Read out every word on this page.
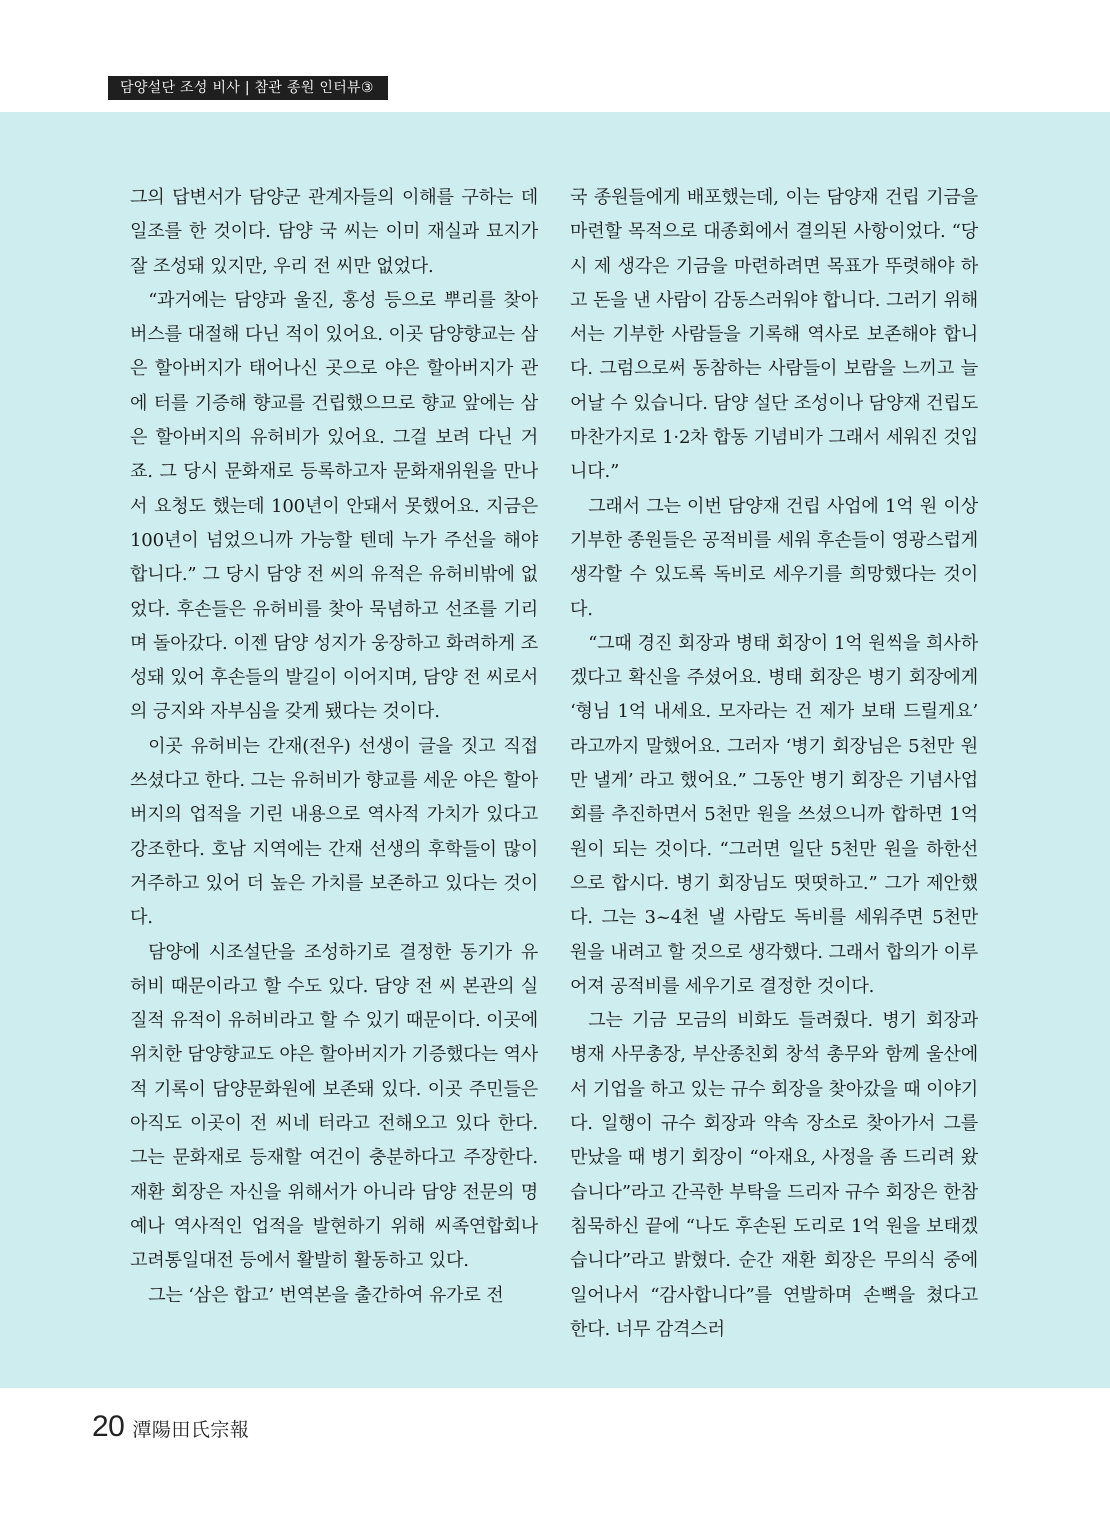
담양설단 조성 비사 | 참관 종원 인터뷰③

그의 답변서가 담양군 관계자들의 이해를 구하는 데 일조를 한 것이다. 담양 국 씨는 이미 재실과 묘지가 잘 조성돼 있지만, 우리 전 씨만 없었다.

“과거에는 담양과 울진, 홍성 등으로 뿌리를 찾아 버스를 대절해 다닌 적이 있어요. 이곳 담양향교는 삼은 할아버지가 태어나신 곳으로 야은 할아버지가 관에 터를 기증해 향교를 건립했으므로 향교 앞에는 삼은 할아버지의 유허비가 있어요. 그걸 보려 다닌 거죠. 그 당시 문화재로 등록하고자 문화재위원을 만나서 요청도 했는데 100년이 안돼서 못했어요. 지금은 100년이 넘었으니까 가능할 텐데 누가 주선을 해야 합니다.” 그 당시 담양 전 씨의 유적은 유허비밖에 없었다. 후손들은 유허비를 찾아 묵념하고 선조를 기리며 돌아갔다. 이젠 담양 성지가 웅장하고 화려하게 조성돼 있어 후손들의 발길이 이어지며, 담양 전 씨로서의 긍지와 자부심을 갖게 됐다는 것이다.

이곳 유허비는 간재(전우) 선생이 글을 짓고 직접 쓰셨다고 한다. 그는 유허비가 향교를 세운 야은 할아버지의 업적을 기린 내용으로 역사적 가치가 있다고 강조한다. 호남 지역에는 간재 선생의 후학들이 많이 거주하고 있어 더 높은 가치를 보존하고 있다는 것이다.

담양에 시조설단을 조성하기로 결정한 동기가 유허비 때문이라고 할 수도 있다. 담양 전 씨 본관의 실질적 유적이 유허비라고 할 수 있기 때문이다. 이곳에 위치한 담양향교도 야은 할아버지가 기증했다는 역사적 기록이 담양문화원에 보존돼 있다. 이곳 주민들은 아직도 이곳이 전 씨네 터라고 전해오고 있다 한다. 그는 문화재로 등재할 여건이 충분하다고 주장한다. 재환 회장은 자신을 위해서가 아니라 담양 전문의 명예나 역사적인 업적을 발현하기 위해 씨족연합회나 고려통일대전 등에서 활발히 활동하고 있다.

그는 ‘삼은 합고’ 번역본을 출간하여 유가로 전

국 종원들에게 배포했는데, 이는 담양재 건립 기금을 마련할 목적으로 대종회에서 결의된 사항이었다. “당시 제 생각은 기금을 마련하려면 목표가 뚜렷해야 하고 돈을 낸 사람이 감동스러워야 합니다. 그러기 위해서는 기부한 사람들을 기록해 역사로 보존해야 합니다. 그럼으로써 동참하는 사람들이 보람을 느끼고 늘어날 수 있습니다. 담양 설단 조성이나 담양재 건립도 마찬가지로 1·2차 합동 기념비가 그래서 세워진 것입니다.”

그래서 그는 이번 담양재 건립 사업에 1억 원 이상 기부한 종원들은 공적비를 세워 후손들이 영광스럽게 생각할 수 있도록 독비로 세우기를 희망했다는 것이다.

“그때 경진 회장과 병태 회장이 1억 원씩을 희사하겠다고 확신을 주셨어요. 병태 회장은 병기 회장에게 ‘형님 1억 내세요. 모자라는 건 제가 보태 드릴게요’ 라고까지 말했어요. 그러자 ‘병기 회장님은 5천만 원만 낼게’ 라고 했어요.” 그동안 병기 회장은 기념사업회를 추진하면서 5천만 원을 쓰셨으니까 합하면 1억 원이 되는 것이다. “그러면 일단 5천만 원을 하한선으로 합시다. 병기 회장님도 떳떳하고.” 그가 제안했다. 그는 3~4천 낼 사람도 독비를 세워주면 5천만 원을 내려고 할 것으로 생각했다. 그래서 합의가 이루어져 공적비를 세우기로 결정한 것이다.

그는 기금 모금의 비화도 들려줬다. 병기 회장과 병재 사무총장, 부산종친회 창석 총무와 함께 울산에서 기업을 하고 있는 규수 회장을 찾아갔을 때 이야기다. 일행이 규수 회장과 약속 장소로 찾아가서 그를 만났을 때 병기 회장이 “아재요, 사정을 좀 드리려 왔습니다”라고 간곡한 부탁을 드리자 규수 회장은 한참 침묵하신 끝에 “나도 후손된 도리로 1억 원을 보태겠습니다”라고 밝혔다. 순간 재환 회장은 무의식 중에 일어나서 “감사합니다”를 연발하며 손뼉을 쳤다고 한다. 너무 감격스러

20 潭陽田氏宗報
